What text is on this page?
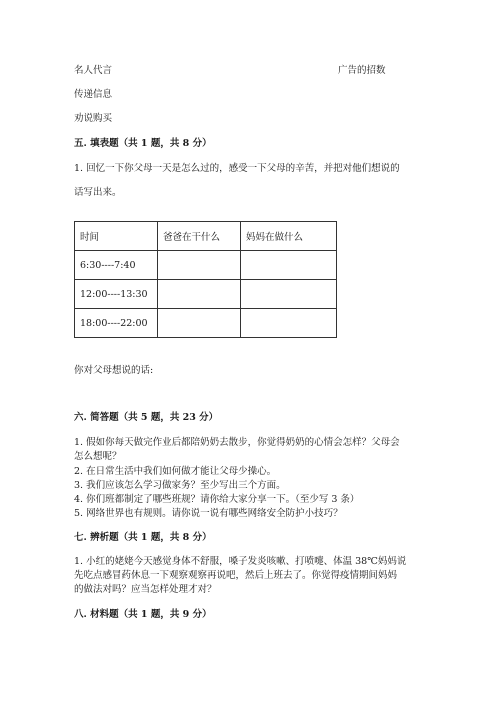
名人代言	广告的招数
传递信息
劝说购买
五. 填表题（共 1 题，共 8 分）
1. 回忆一下你父母一天是怎么过的，感受一下父母的辛苦，并把对他们想说的
话写出来。
时间	爸爸在干什么	妈妈在做什么
6:30----7:40		
12:00----13:30		
18:00----22:00		
你对父母想说的话:
六. 简答题（共 5 题，共 23 分）
1. 假如你每天做完作业后都陪奶奶去散步，你觉得奶奶的心情会怎样？父母会
怎么想呢？
2. 在日常生活中我们如何做才能让父母少操心。
3. 我们应该怎么学习做家务？至少写出三个方面。
4. 你们班都制定了哪些班规？请你给大家分享一下。（至少写 3 条）
5. 网络世界也有规则。请你说一说有哪些网络安全防护小技巧？
七. 辨析题（共 1 题，共 8 分）
1. 小红的姥姥今天感觉身体不舒服，嗓子发炎咳嗽、打喷嚏、体温 38℃妈妈说
先吃点感冒药休息一下观察观察再说吧，然后上班去了。你觉得疫情期间妈妈
的做法对吗？应当怎样处理才对？
八. 材料题（共 1 题，共 9 分）
